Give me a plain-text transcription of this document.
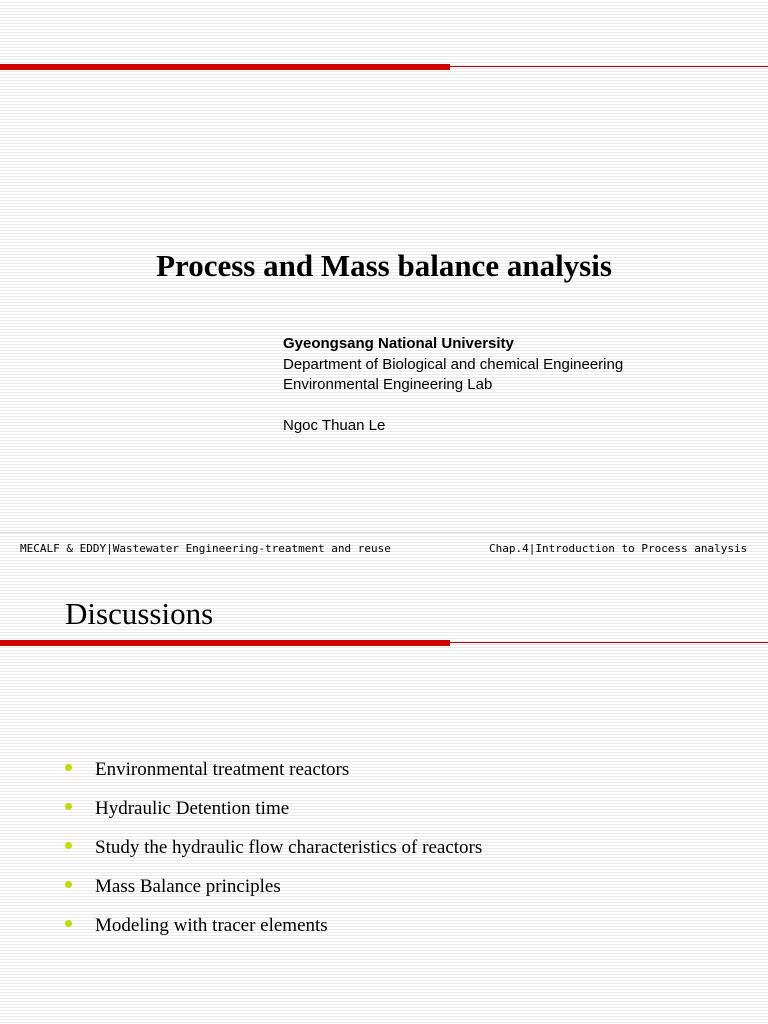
Process and Mass balance analysis
Gyeongsang National University
Department of Biological and chemical Engineering
Environmental Engineering Lab
Ngoc Thuan Le
MECALF & EDDY|Wastewater Engineering-treatment and reuse	Chap.4|Introduction to Process analysis
Discussions
Environmental treatment reactors
Hydraulic Detention time
Study the hydraulic flow characteristics of reactors
Mass Balance principles
Modeling with tracer elements
